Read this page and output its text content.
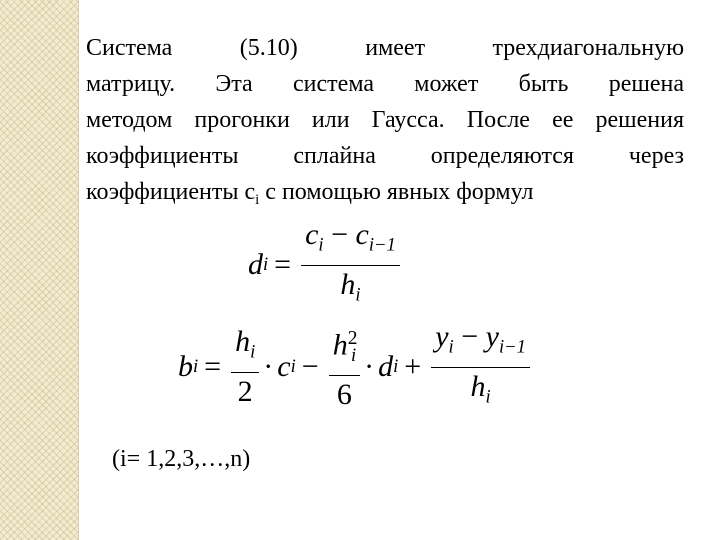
Система (5.10) имеет трехдиагональную
матрицу. Эта система может быть решена
методом прогонки или Гаусса. После ее решения
коэффициенты сплайна определяются через
коэффициенты $c_i$ с помощью явных формул
d $i = \frac{c_i - c_{i-1}}{h_i}$
b $i = \frac{h_i}{2} \cdot c$ $i - \frac{h^2_i}{6} \cdot d$ $i + \frac{y_i - y_{i-1}}{h_i}$
(i= 1,2,3,…,n)
